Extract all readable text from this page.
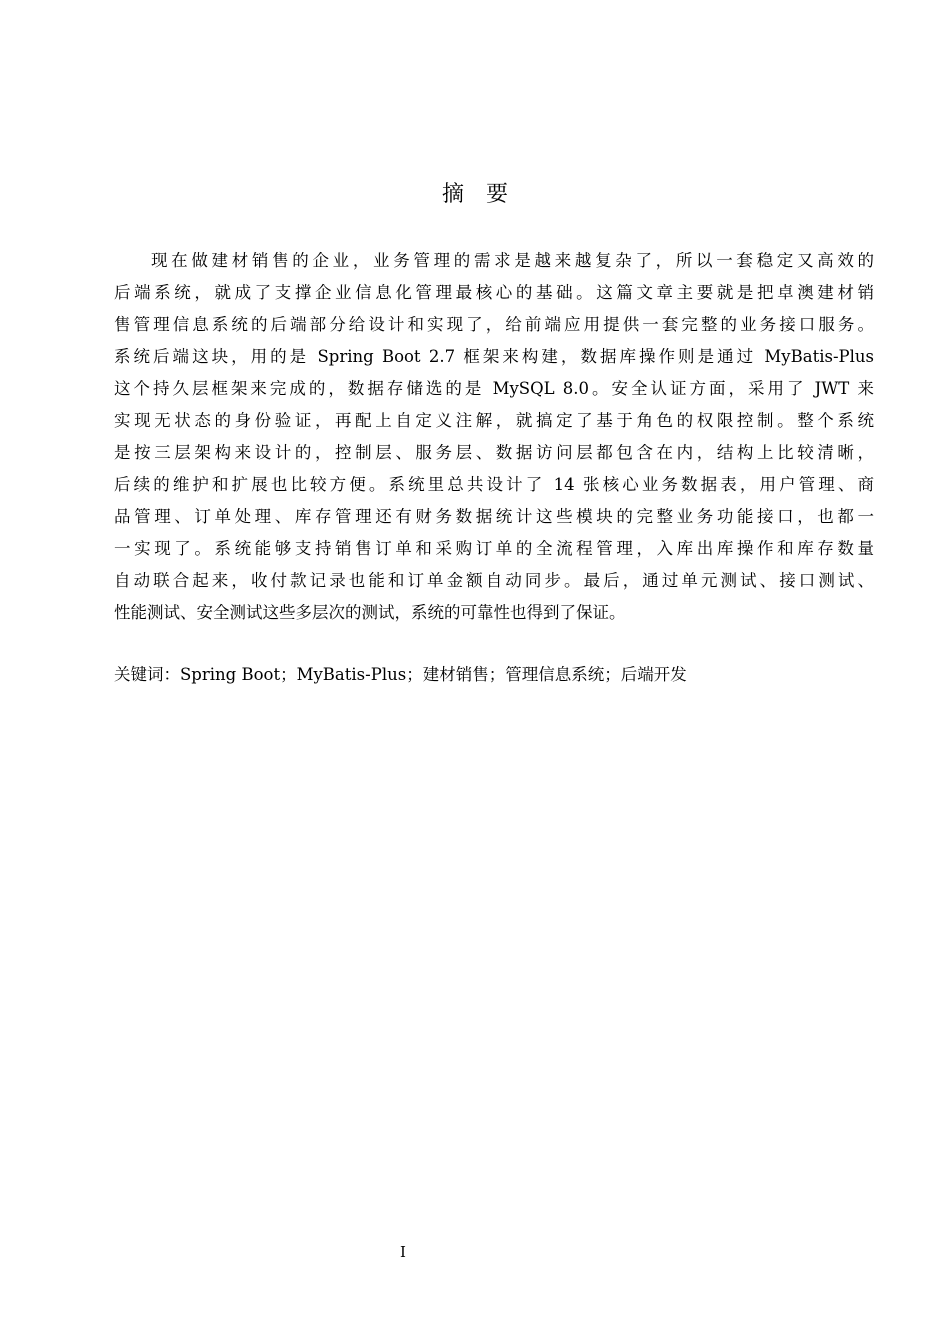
摘 要
现在做建材销售的企业，业务管理的需求是越来越复杂了，所以一套稳定又高效的
后端系统，就成了支撑企业信息化管理最核心的基础。这篇文章主要就是把卓澳建材销
售管理信息系统的后端部分给设计和实现了，给前端应用提供一套完整的业务接口服务。
系统后端这块，用的是 Spring Boot 2.7 框架来构建，数据库操作则是通过 MyBatis-Plus
这个持久层框架来完成的，数据存储选的是 MySQL 8.0。安全认证方面，采用了 JWT 来
实现无状态的身份验证，再配上自定义注解，就搞定了基于角色的权限控制。整个系统
是按三层架构来设计的，控制层、服务层、数据访问层都包含在内，结构上比较清晰，
后续的维护和扩展也比较方便。系统里总共设计了 14 张核心业务数据表，用户管理、商
品管理、订单处理、库存管理还有财务数据统计这些模块的完整业务功能接口，也都一
一实现了。系统能够支持销售订单和采购订单的全流程管理，入库出库操作和库存数量
自动联合起来，收付款记录也能和订单金额自动同步。最后，通过单元测试、接口测试、
性能测试、安全测试这些多层次的测试，系统的可靠性也得到了保证。
关键词：Spring Boot；MyBatis-Plus；建材销售；管理信息系统；后端开发
I
